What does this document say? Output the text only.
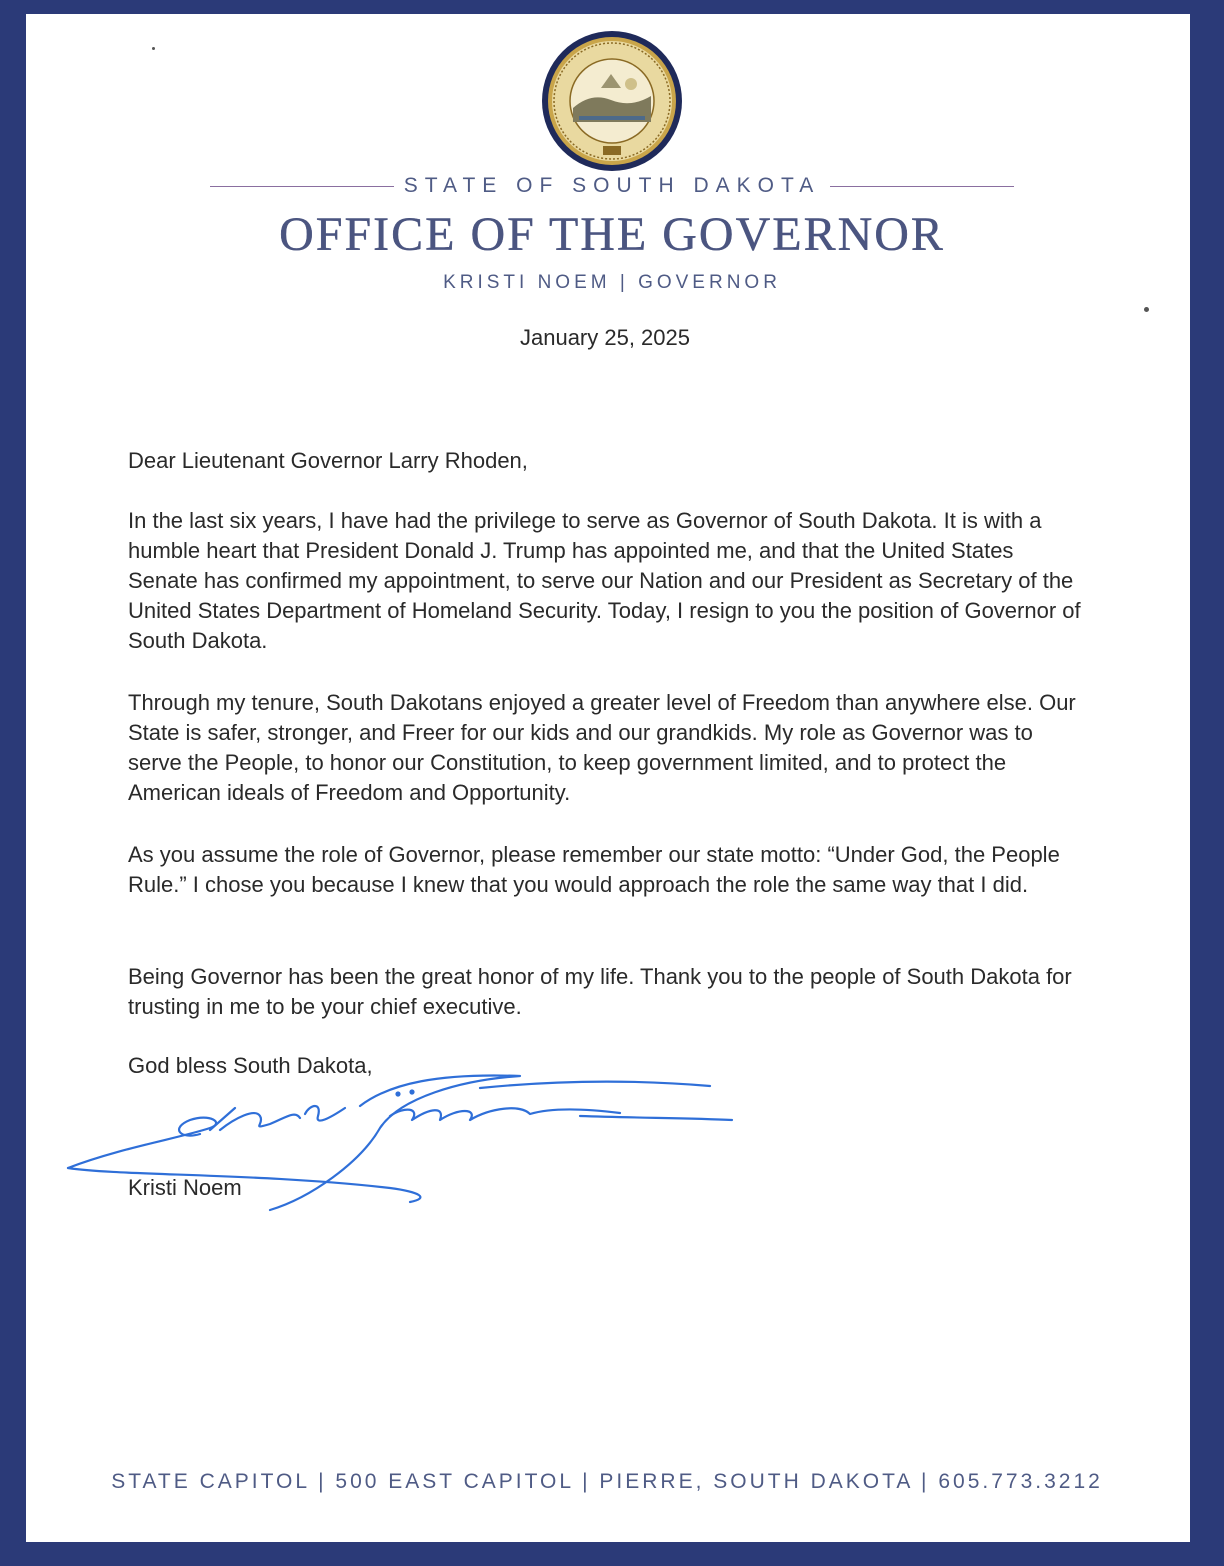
STATE OF SOUTH DAKOTA
OFFICE OF THE GOVERNOR
KRISTI NOEM | GOVERNOR
January 25, 2025
Dear Lieutenant Governor Larry Rhoden,

In the last six years, I have had the privilege to serve as Governor of South Dakota. It is with a humble heart that President Donald J. Trump has appointed me, and that the United States Senate has confirmed my appointment, to serve our Nation and our President as Secretary of the United States Department of Homeland Security. Today, I resign to you the position of Governor of South Dakota.

Through my tenure, South Dakotans enjoyed a greater level of Freedom than anywhere else. Our State is safer, stronger, and Freer for our kids and our grandkids. My role as Governor was to serve the People, to honor our Constitution, to keep government limited, and to protect the American ideals of Freedom and Opportunity.

As you assume the role of Governor, please remember our state motto: “Under God, the People Rule.” I chose you because I knew that you would approach the role the same way that I did.

Being Governor has been the great honor of my life. Thank you to the people of South Dakota for trusting in me to be your chief executive.

God bless South Dakota,
Kristi Noem
STATE CAPITOL | 500 EAST CAPITOL | PIERRE, SOUTH DAKOTA | 605.773.3212
